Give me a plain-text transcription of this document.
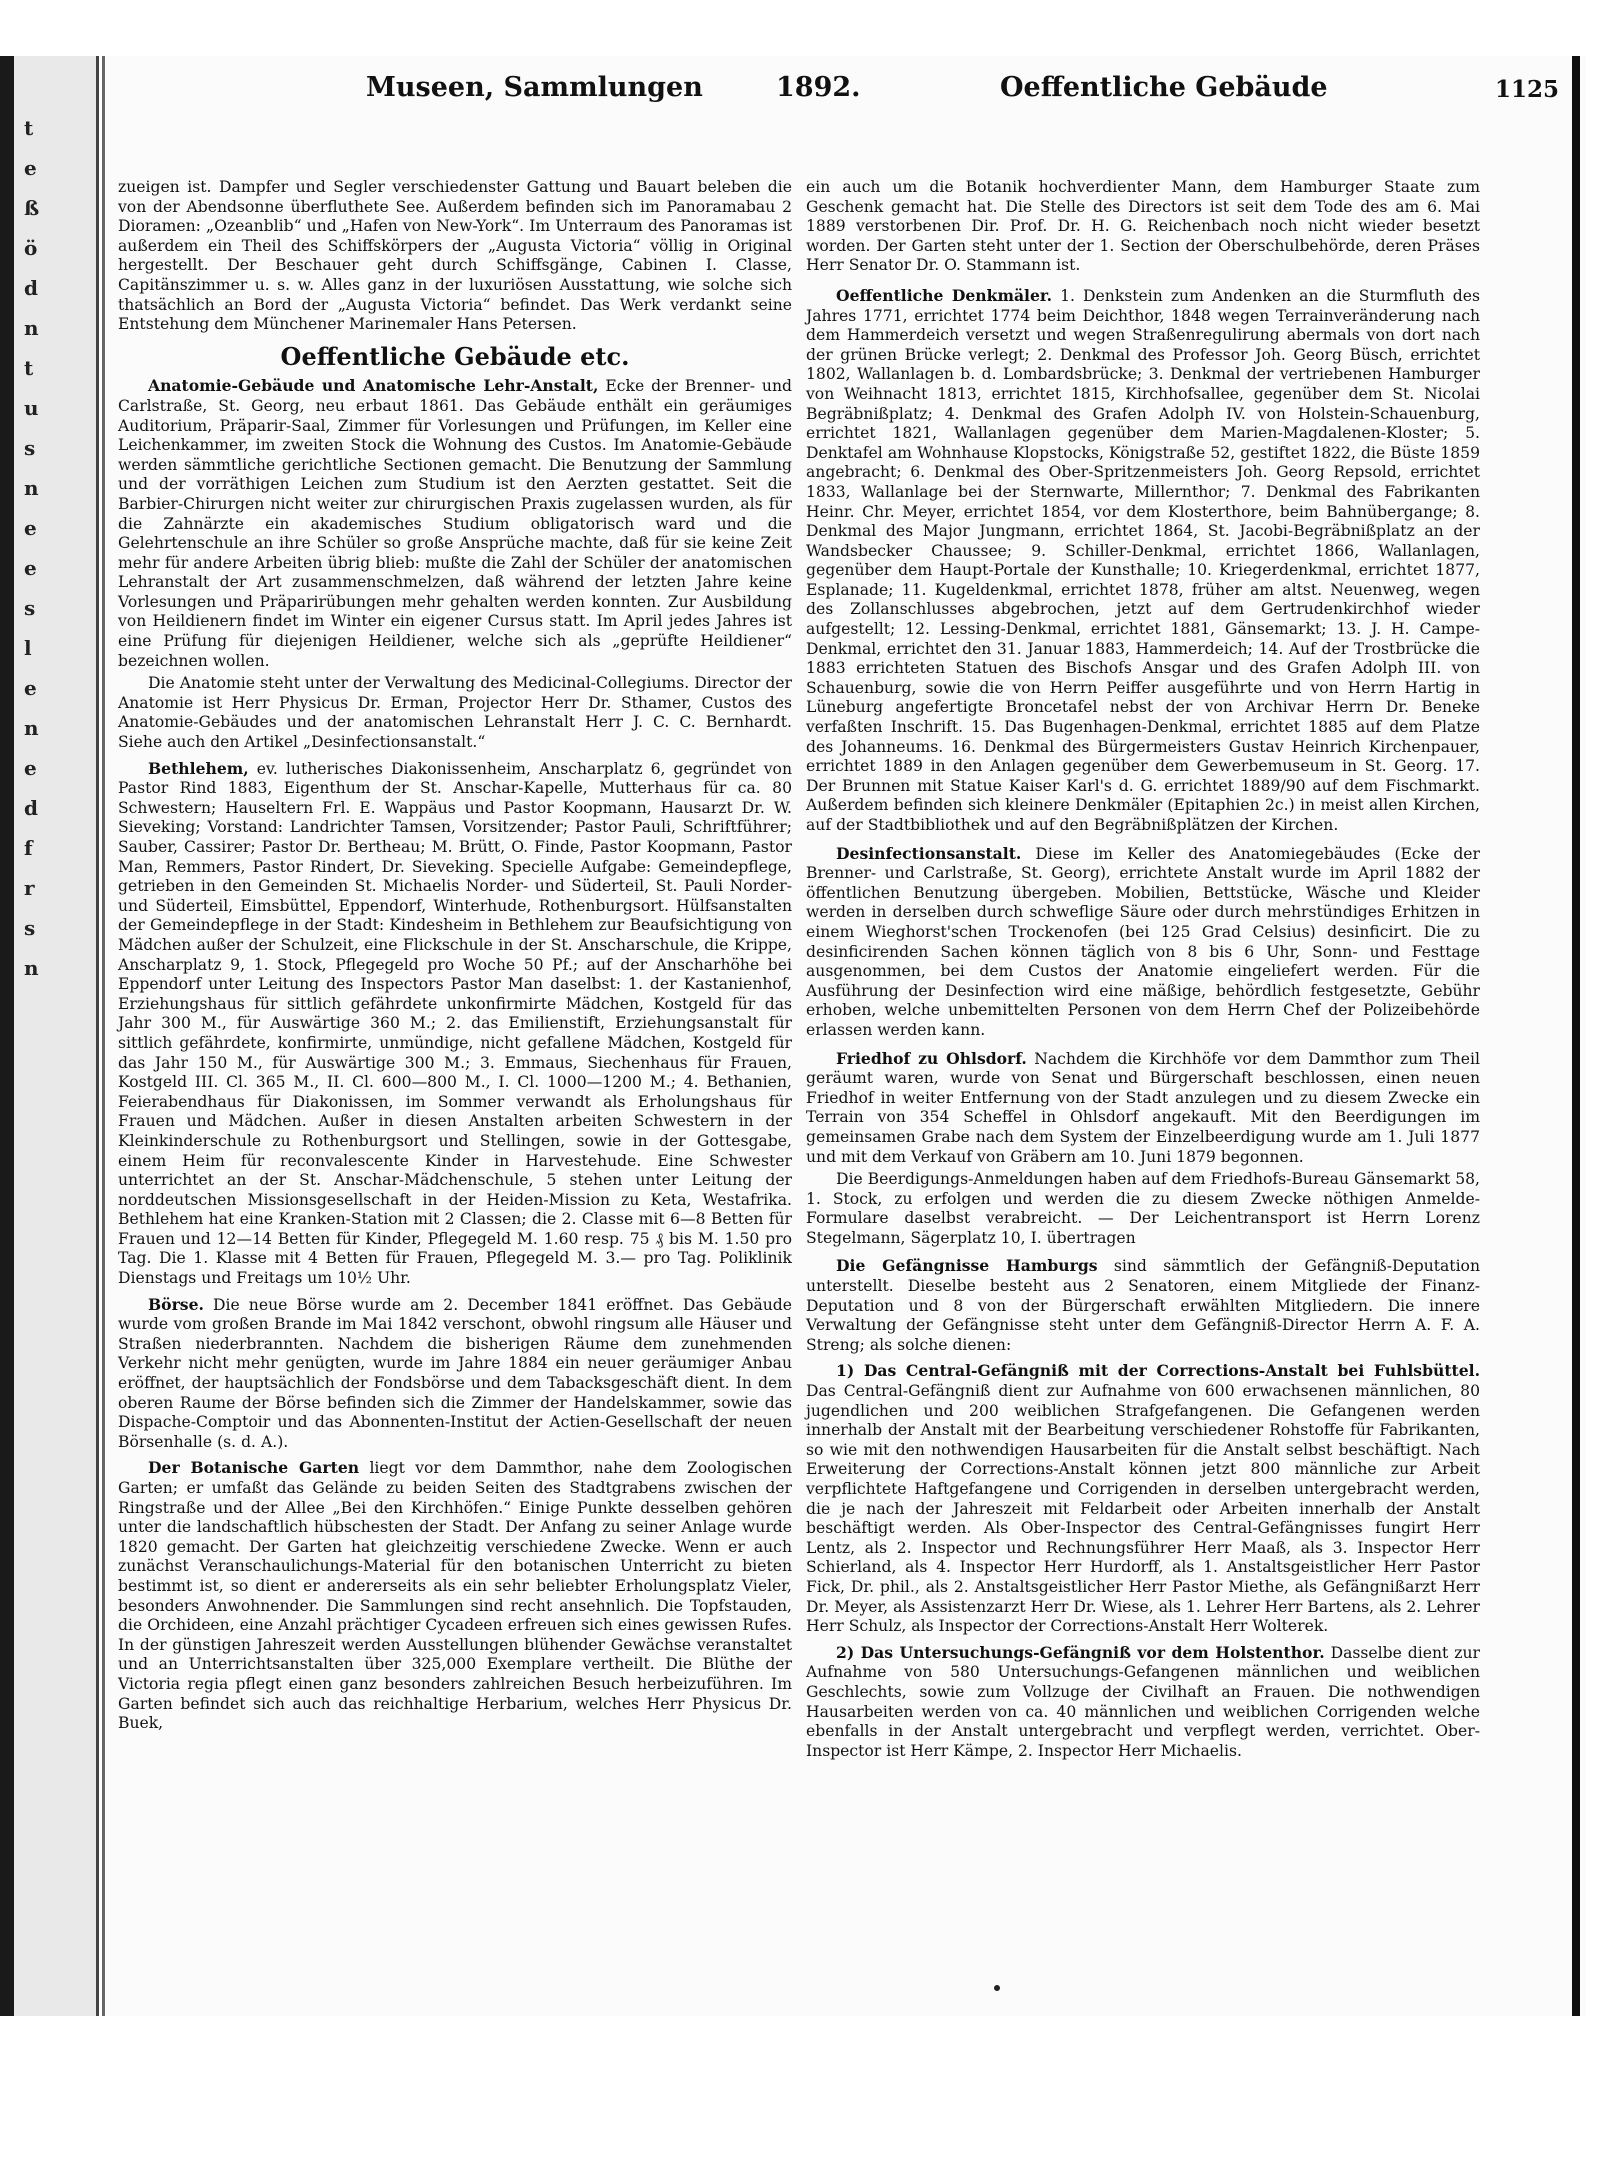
t
e
ß
ö
d
n
t
u
s
n
e
e
s
l
e
n
e
d
f
r
s
n
Museen, Sammlungen	1892.	Oeffentliche Gebäude	1125

zueigen ist. Dampfer und Segler verschiedenster Gattung und Bauart beleben die von der Abendsonne überfluthete See. Außerdem befinden sich im Panoramabau 2 Dioramen: „Ozeanblib“ und „Hafen von New-York“. Im Unterraum des Panoramas ist außerdem ein Theil des Schiffskörpers der „Augusta Victoria“ völlig in Original hergestellt. Der Beschauer geht durch Schiffsgänge, Cabinen I. Classe, Capitänszimmer u. s. w. Alles ganz in der luxuriösen Ausstattung, wie solche sich thatsächlich an Bord der „Augusta Victoria“ befindet. Das Werk verdankt seine Entstehung dem Münchener Marinemaler Hans Petersen.

Oeffentliche Gebäude etc.

Anatomie-Gebäude und Anatomische Lehr-Anstalt, Ecke der Brenner- und Carlstraße, St. Georg, neu erbaut 1861. Das Gebäude enthält ein geräumiges Auditorium, Präparir-Saal, Zimmer für Vorlesungen und Prüfungen, im Keller eine Leichenkammer, im zweiten Stock die Wohnung des Custos. Im Anatomie-Gebäude werden sämmtliche gerichtliche Sectionen gemacht. Die Benutzung der Sammlung und der vorräthigen Leichen zum Studium ist den Aerzten gestattet. Seit die Barbier-Chirurgen nicht weiter zur chirurgischen Praxis zugelassen wurden, als für die Zahnärzte ein akademisches Studium obligatorisch ward und die Gelehrtenschule an ihre Schüler so große Ansprüche machte, daß für sie keine Zeit mehr für andere Arbeiten übrig blieb: mußte die Zahl der Schüler der anatomischen Lehranstalt der Art zusammenschmelzen, daß während der letzten Jahre keine Vorlesungen und Präparirübungen mehr gehalten werden konnten. Zur Ausbildung von Heildienern findet im Winter ein eigener Cursus statt. Im April jedes Jahres ist eine Prüfung für diejenigen Heildiener, welche sich als „geprüfte Heildiener“ bezeichnen wollen.

Die Anatomie steht unter der Verwaltung des Medicinal-Collegiums. Director der Anatomie ist Herr Physicus Dr. Erman, Projector Herr Dr. Sthamer, Custos des Anatomie-Gebäudes und der anatomischen Lehranstalt Herr J. C. C. Bernhardt. Siehe auch den Artikel „Desinfectionsanstalt.“

Bethlehem, ev. lutherisches Diakonissenheim, Anscharplatz 6, gegründet von Pastor Rind 1883, Eigenthum der St. Anschar-Kapelle, Mutterhaus für ca. 80 Schwestern; Hauseltern Frl. E. Wappäus und Pastor Koopmann, Hausarzt Dr. W. Sieveking; Vorstand: Landrichter Tamsen, Vorsitzender; Pastor Pauli, Schriftführer; Sauber, Cassirer; Pastor Dr. Bertheau; M. Brütt, O. Finde, Pastor Koopmann, Pastor Man, Remmers, Pastor Rindert, Dr. Sieveking. Specielle Aufgabe: Gemeindepflege, getrieben in den Gemeinden St. Michaelis Norder- und Süderteil, St. Pauli Norder- und Süderteil, Eimsbüttel, Eppendorf, Winterhude, Rothenburgsort. Hülfsanstalten der Gemeindepflege in der Stadt: Kindesheim in Bethlehem zur Beaufsichtigung von Mädchen außer der Schulzeit, eine Flickschule in der St. Anscharschule, die Krippe, Anscharplatz 9, 1. Stock, Pflegegeld pro Woche 50 Pf.; auf der Anscharhöhe bei Eppendorf unter Leitung des Inspectors Pastor Man daselbst: 1. der Kastanienhof, Erziehungshaus für sittlich gefährdete unkonfirmirte Mädchen, Kostgeld für das Jahr 300 M., für Auswärtige 360 M.; 2. das Emilienstift, Erziehungsanstalt für sittlich gefährdete, konfirmirte, unmündige, nicht gefallene Mädchen, Kostgeld für das Jahr 150 M., für Auswärtige 300 M.; 3. Emmaus, Siechenhaus für Frauen, Kostgeld III. Cl. 365 M., II. Cl. 600—800 M., I. Cl. 1000—1200 M.; 4. Bethanien, Feierabendhaus für Diakonissen, im Sommer verwandt als Erholungshaus für Frauen und Mädchen. Außer in diesen Anstalten arbeiten Schwestern in der Kleinkinderschule zu Rothenburgsort und Stellingen, sowie in der Gottesgabe, einem Heim für reconvalescente Kinder in Harvestehude. Eine Schwester unterrichtet an der St. Anschar-Mädchenschule, 5 stehen unter Leitung der norddeutschen Missionsgesellschaft in der Heiden-Mission zu Keta, Westafrika. Bethlehem hat eine Kranken-Station mit 2 Classen; die 2. Classe mit 6—8 Betten für Frauen und 12—14 Betten für Kinder, Pflegegeld M. 1.60 resp. 75 ₰ bis M. 1.50 pro Tag. Die 1. Klasse mit 4 Betten für Frauen, Pflegegeld M. 3.— pro Tag. Poliklinik Dienstags und Freitags um 10½ Uhr.

Börse. Die neue Börse wurde am 2. December 1841 eröffnet. Das Gebäude wurde vom großen Brande im Mai 1842 verschont, obwohl ringsum alle Häuser und Straßen niederbrannten. Nachdem die bisherigen Räume dem zunehmenden Verkehr nicht mehr genügten, wurde im Jahre 1884 ein neuer geräumiger Anbau eröffnet, der hauptsächlich der Fondsbörse und dem Tabacksgeschäft dient. In dem oberen Raume der Börse befinden sich die Zimmer der Handelskammer, sowie das Dispache-Comptoir und das Abonnenten-Institut der Actien-Gesellschaft der neuen Börsenhalle (s. d. A.).

Der Botanische Garten liegt vor dem Dammthor, nahe dem Zoologischen Garten; er umfaßt das Gelände zu beiden Seiten des Stadtgrabens zwischen der Ringstraße und der Allee „Bei den Kirchhöfen.“ Einige Punkte desselben gehören unter die landschaftlich hübschesten der Stadt. Der Anfang zu seiner Anlage wurde 1820 gemacht. Der Garten hat gleichzeitig verschiedene Zwecke. Wenn er auch zunächst Veranschaulichungs-Material für den botanischen Unterricht zu bieten bestimmt ist, so dient er andererseits als ein sehr beliebter Erholungsplatz Vieler, besonders Anwohnender. Die Sammlungen sind recht ansehnlich. Die Topfstauden, die Orchideen, eine Anzahl prächtiger Cycadeen erfreuen sich eines gewissen Rufes. In der günstigen Jahreszeit werden Ausstellungen blühender Gewächse veranstaltet und an Unterrichtsanstalten über 325,000 Exemplare vertheilt. Die Blüthe der Victoria regia pflegt einen ganz besonders zahlreichen Besuch herbeizuführen. Im Garten befindet sich auch das reichhaltige Herbarium, welches Herr Physicus Dr. Buek,

ein auch um die Botanik hochverdienter Mann, dem Hamburger Staate zum Geschenk gemacht hat. Die Stelle des Directors ist seit dem Tode des am 6. Mai 1889 verstorbenen Dir. Prof. Dr. H. G. Reichenbach noch nicht wieder besetzt worden. Der Garten steht unter der 1. Section der Oberschulbehörde, deren Präses Herr Senator Dr. O. Stammann ist.

Oeffentliche Denkmäler. 1. Denkstein zum Andenken an die Sturmfluth des Jahres 1771, errichtet 1774 beim Deichthor, 1848 wegen Terrainveränderung nach dem Hammerdeich versetzt und wegen Straßenregulirung abermals von dort nach der grünen Brücke verlegt; 2. Denkmal des Professor Joh. Georg Büsch, errichtet 1802, Wallanlagen b. d. Lombardsbrücke; 3. Denkmal der vertriebenen Hamburger von Weihnacht 1813, errichtet 1815, Kirchhofsallee, gegenüber dem St. Nicolai Begräbnißplatz; 4. Denkmal des Grafen Adolph IV. von Holstein-Schauenburg, errichtet 1821, Wallanlagen gegenüber dem Marien-Magdalenen-Kloster; 5. Denktafel am Wohnhause Klopstocks, Königstraße 52, gestiftet 1822, die Büste 1859 angebracht; 6. Denkmal des Ober-Spritzenmeisters Joh. Georg Repsold, errichtet 1833, Wallanlage bei der Sternwarte, Millernthor; 7. Denkmal des Fabrikanten Heinr. Chr. Meyer, errichtet 1854, vor dem Klosterthore, beim Bahnübergange; 8. Denkmal des Major Jungmann, errichtet 1864, St. Jacobi-Begräbnißplatz an der Wandsbecker Chaussee; 9. Schiller-Denkmal, errichtet 1866, Wallanlagen, gegenüber dem Haupt-Portale der Kunsthalle; 10. Kriegerdenkmal, errichtet 1877, Esplanade; 11. Kugeldenkmal, errichtet 1878, früher am altst. Neuenweg, wegen des Zollanschlusses abgebrochen, jetzt auf dem Gertrudenkirchhof wieder aufgestellt; 12. Lessing-Denkmal, errichtet 1881, Gänsemarkt; 13. J. H. Campe-Denkmal, errichtet den 31. Januar 1883, Hammerdeich; 14. Auf der Trostbrücke die 1883 errichteten Statuen des Bischofs Ansgar und des Grafen Adolph III. von Schauenburg, sowie die von Herrn Peiffer ausgeführte und von Herrn Hartig in Lüneburg angefertigte Broncetafel nebst der von Archivar Herrn Dr. Beneke verfaßten Inschrift. 15. Das Bugenhagen-Denkmal, errichtet 1885 auf dem Platze des Johanneums. 16. Denkmal des Bürgermeisters Gustav Heinrich Kirchenpauer, errichtet 1889 in den Anlagen gegenüber dem Gewerbemuseum in St. Georg. 17. Der Brunnen mit Statue Kaiser Karl's d. G. errichtet 1889/90 auf dem Fischmarkt. Außerdem befinden sich kleinere Denkmäler (Epitaphien 2c.) in meist allen Kirchen, auf der Stadtbibliothek und auf den Begräbnißplätzen der Kirchen.

Desinfectionsanstalt. Diese im Keller des Anatomiegebäudes (Ecke der Brenner- und Carlstraße, St. Georg), errichtete Anstalt wurde im April 1882 der öffentlichen Benutzung übergeben. Mobilien, Bettstücke, Wäsche und Kleider werden in derselben durch schweflige Säure oder durch mehrstündiges Erhitzen in einem Wieghorst'schen Trockenofen (bei 125 Grad Celsius) desinficirt. Die zu desinficirenden Sachen können täglich von 8 bis 6 Uhr, Sonn- und Festtage ausgenommen, bei dem Custos der Anatomie eingeliefert werden. Für die Ausführung der Desinfection wird eine mäßige, behördlich festgesetzte, Gebühr erhoben, welche unbemittelten Personen von dem Herrn Chef der Polizeibehörde erlassen werden kann.

Friedhof zu Ohlsdorf. Nachdem die Kirchhöfe vor dem Dammthor zum Theil geräumt waren, wurde von Senat und Bürgerschaft beschlossen, einen neuen Friedhof in weiter Entfernung von der Stadt anzulegen und zu diesem Zwecke ein Terrain von 354 Scheffel in Ohlsdorf angekauft. Mit den Beerdigungen im gemeinsamen Grabe nach dem System der Einzelbeerdigung wurde am 1. Juli 1877 und mit dem Verkauf von Gräbern am 10. Juni 1879 begonnen.

Die Beerdigungs-Anmeldungen haben auf dem Friedhofs-Bureau Gänsemarkt 58, 1. Stock, zu erfolgen und werden die zu diesem Zwecke nöthigen Anmelde-Formulare daselbst verabreicht. — Der Leichentransport ist Herrn Lorenz Stegelmann, Sägerplatz 10, I. übertragen

Die Gefängnisse Hamburgs sind sämmtlich der Gefängniß-Deputation unterstellt. Dieselbe besteht aus 2 Senatoren, einem Mitgliede der Finanz-Deputation und 8 von der Bürgerschaft erwählten Mitgliedern. Die innere Verwaltung der Gefängnisse steht unter dem Gefängniß-Director Herrn A. F. A. Streng; als solche dienen:

1) Das Central-Gefängniß mit der Corrections-Anstalt bei Fuhlsbüttel. Das Central-Gefängniß dient zur Aufnahme von 600 erwachsenen männlichen, 80 jugendlichen und 200 weiblichen Strafgefangenen. Die Gefangenen werden innerhalb der Anstalt mit der Bearbeitung verschiedener Rohstoffe für Fabrikanten, so wie mit den nothwendigen Hausarbeiten für die Anstalt selbst beschäftigt. Nach Erweiterung der Corrections-Anstalt können jetzt 800 männliche zur Arbeit verpflichtete Haftgefangene und Corrigenden in derselben untergebracht werden, die je nach der Jahreszeit mit Feldarbeit oder Arbeiten innerhalb der Anstalt beschäftigt werden. Als Ober-Inspector des Central-Gefängnisses fungirt Herr Lentz, als 2. Inspector und Rechnungsführer Herr Maaß, als 3. Inspector Herr Schierland, als 4. Inspector Herr Hurdorff, als 1. Anstaltsgeistlicher Herr Pastor Fick, Dr. phil., als 2. Anstaltsgeistlicher Herr Pastor Miethe, als Gefängnißarzt Herr Dr. Meyer, als Assistenzarzt Herr Dr. Wiese, als 1. Lehrer Herr Bartens, als 2. Lehrer Herr Schulz, als Inspector der Corrections-Anstalt Herr Wolterek.

2) Das Untersuchungs-Gefängniß vor dem Holstenthor. Dasselbe dient zur Aufnahme von 580 Untersuchungs-Gefangenen männlichen und weiblichen Geschlechts, sowie zum Vollzuge der Civilhaft an Frauen. Die nothwendigen Hausarbeiten werden von ca. 40 männlichen und weiblichen Corrigenden welche ebenfalls in der Anstalt untergebracht und verpflegt werden, verrichtet. Ober-Inspector ist Herr Kämpe, 2. Inspector Herr Michaelis.
